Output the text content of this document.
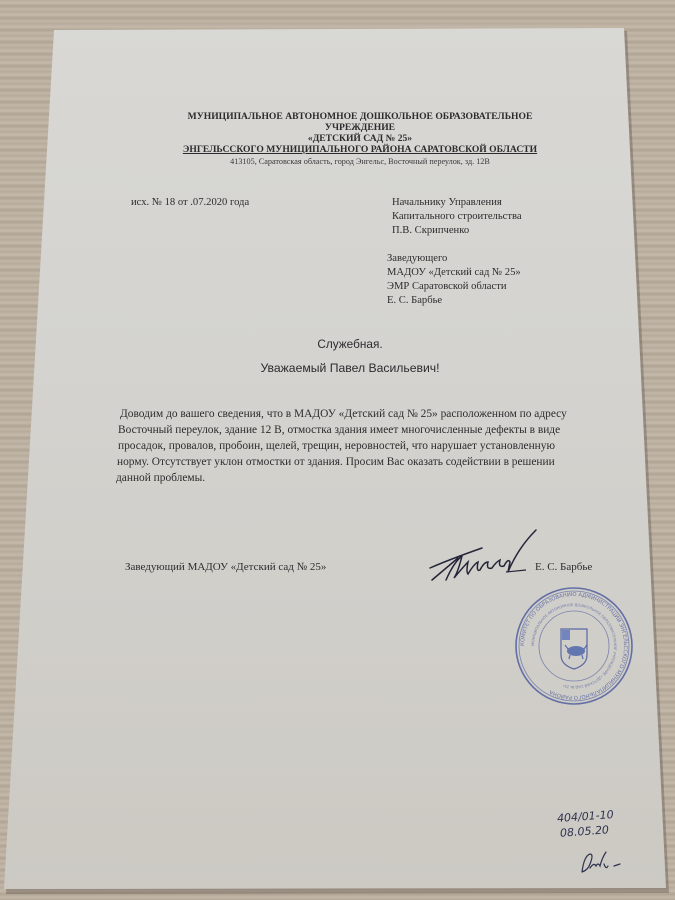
МУНИЦИПАЛЬНОЕ АВТОНОМНОЕ ДОШКОЛЬНОЕ ОБРАЗОВАТЕЛЬНОЕ
УЧРЕЖДЕНИЕ
«ДЕТСКИЙ САД № 25»
ЭНГЕЛЬССКОГО МУНИЦИПАЛЬНОГО РАЙОНА САРАТОВСКОЙ ОБЛАСТИ
413105, Саратовская область, город Энгельс, Восточный переулок, зд. 12В
исх. № 18 от .07.2020 года	Начальнику Управления
Капитального строительства
П.В. Скрипченко
Заведующего
МАДОУ «Детский сад № 25»
ЭМР Саратовской области
Е. С. Барбье
Служебная.
Уважаемый Павел Васильевич!
Доводим до вашего сведения, что в МАДОУ «Детский сад № 25» расположенном по адресу
Восточный переулок, здание 12 В, отмостка здания имеет многочисленные дефекты в виде
просадок, провалов, пробоин, щелей, трещин, неровностей, что нарушает установленную
норму. Отсутствует уклон отмостки от здания. Просим Вас оказать содействии в решении
данной проблемы.
Заведующий МАДОУ «Детский сад № 25»	Е. С. Барбье
КОМИТЕТ ПО ОБРАЗОВАНИЮ АДМИНИСТРАЦИИ ЭНГЕЛЬССКОГО МУНИЦИПАЛЬНОГО РАЙОНА
МУНИЦИПАЛЬНОЕ АВТОНОМНОЕ ДОШКОЛЬНОЕ ОБРАЗОВАТЕЛЬНОЕ УЧРЕЖДЕНИЕ «ДЕТСКИЙ САД № 25»
404/01-10
08.05.20
